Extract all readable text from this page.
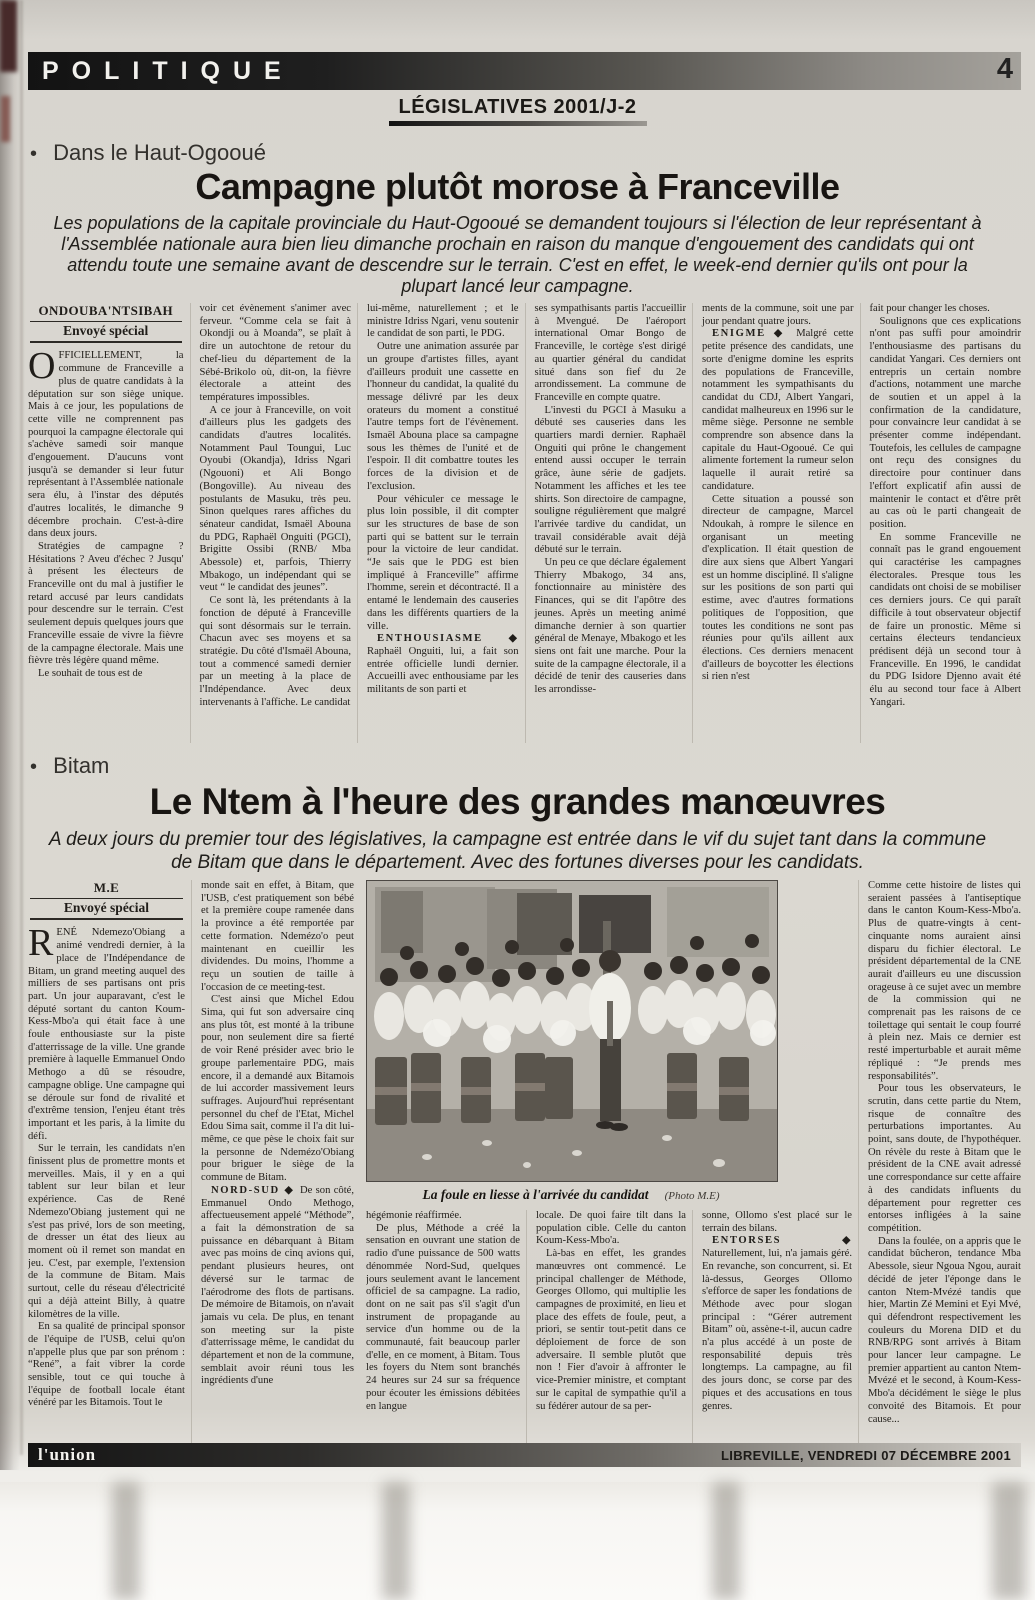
POLITIQUE	4
LÉGISLATIVES 2001/J-2
• Dans le Haut-Ogooué
Campagne plutôt morose à Franceville
Les populations de la capitale provinciale du Haut-Ogooué se demandent toujours si l'élection de leur représentant à l'Assemblée nationale aura bien lieu dimanche prochain en raison du manque d'engouement des candidats qui ont attendu toute une semaine avant de descendre sur le terrain. C'est en effet, le week-end dernier qu'ils ont pour la plupart lancé leur campagne.
ONDOUBA'NTSIBAH
Envoyé spécial

OFFICIELLEMENT, la commune de Franceville a plus de quatre candidats à la députation sur son siège unique. Mais à ce jour, les populations de cette ville ne comprennent pas pourquoi la campagne électorale qui s'achève samedi soir manque d'engouement. D'aucuns vont jusqu'à se demander si leur futur représentant à l'Assemblée nationale sera élu, à l'instar des députés d'autres localités, le dimanche 9 décembre prochain. C'est-à-dire dans deux jours.

Stratégies de campagne ? Hésitations ? Aveu d'échec ? Jusqu' à présent les électeurs de Franceville ont du mal à justifier le retard accusé par leurs candidats pour descendre sur le terrain. C'est seulement depuis quelques jours que Franceville essaie de vivre la fièvre de la campagne électorale. Mais une fièvre très légère quand même.

Le souhait de tous est de

voir cet évènement s'animer avec ferveur. “Comme cela se fait à Okondji ou à Moanda”, se plaît à dire un autochtone de retour du chef-lieu du département de la Sébé-Brikolo où, dit-on, la fièvre électorale a atteint des températures impossibles.

A ce jour à Franceville, on voit d'ailleurs plus les gadgets des candidats d'autres localités. Notamment Paul Toungui, Luc Oyoubi (Okandja), Idriss Ngari (Ngouoni) et Ali Bongo (Bongoville). Au niveau des postulants de Masuku, très peu. Sinon quelques rares affiches du sénateur candidat, Ismaël Abouna du PDG, Raphaël Onguiti (PGCI), Brigitte Ossibi (RNB/ Mba Abessole) et, parfois, Thierry Mbakogo, un indépendant qui se veut “ le candidat des jeunes”.

Ce sont là, les prétendants à la fonction de député à Franceville qui sont désormais sur le terrain. Chacun avec ses moyens et sa stratégie. Du côté d'Ismaël Abouna, tout a commencé samedi dernier par un meeting à la place de l'Indépendance. Avec deux intervenants à l'affiche. Le candidat

lui-même, naturellement ; et le ministre Idriss Ngari, venu soutenir le candidat de son parti, le PDG.

Outre une animation assurée par un groupe d'artistes filles, ayant d'ailleurs produit une cassette en l'honneur du candidat, la qualité du message délivré par les deux orateurs du moment a constitué l'autre temps fort de l'évènement. Ismaël Abouna place sa campagne sous les thèmes de l'unité et de l'espoir. Il dit combattre toutes les forces de la division et de l'exclusion.

Pour véhiculer ce message le plus loin possible, il dit compter sur les structures de base de son parti qui se battent sur le terrain pour la victoire de leur candidat. “Je sais que le PDG est bien impliqué à Franceville” affirme l'homme, serein et décontracté. Il a entamé le lendemain des causeries dans les différents quartiers de la ville.

ENTHOUSIASME ◆ Raphaël Onguiti, lui, a fait son entrée officielle lundi dernier. Accueilli avec enthousiame par les militants de son parti et

ses sympathisants partis l'accueillir à Mvengué. De l'aéroport international Omar Bongo de Franceville, le cortège s'est dirigé au quartier général du candidat situé dans son fief du 2e arrondissement. La commune de Franceville en compte quatre.

L'investi du PGCI à Masuku a débuté ses causeries dans les quartiers mardi dernier. Raphaël Onguiti qui prône le changement entend aussi occuper le terrain grâce, àune série de gadjets. Notamment les affiches et les tee shirts. Son directoire de campagne, souligne régulièrement que malgré l'arrivée tardive du candidat, un travail considérable avait déjà débuté sur le terrain.

Un peu ce que déclare également Thierry Mbakogo, 34 ans, fonctionnaire au ministère des Finances, qui se dit l'apôtre des jeunes. Après un meeting animé dimanche dernier à son quartier général de Menaye, Mbakogo et les siens ont fait une marche. Pour la suite de la campagne électorale, il a décidé de tenir des causeries dans les arrondisse-

ments de la commune, soit une par jour pendant quatre jours.

ENIGME ◆ Malgré cette petite présence des candidats, une sorte d'enigme domine les esprits des populations de Franceville, notamment les sympathisants du candidat du CDJ, Albert Yangari, candidat malheureux en 1996 sur le même siège. Personne ne semble comprendre son absence dans la capitale du Haut-Ogooué. Ce qui alimente fortement la rumeur selon laquelle il aurait retiré sa candidature.

Cette situation a poussé son directeur de campagne, Marcel Ndoukah, à rompre le silence en organisant un meeting d'explication. Il était question de dire aux siens que Albert Yangari est un homme discipliné. Il s'aligne sur les positions de son parti qui estime, avec d'autres formations politiques de l'opposition, que toutes les conditions ne sont pas réunies pour qu'ils aillent aux élections. Ces derniers menacent d'ailleurs de boycotter les élections si rien n'est

fait pour changer les choses.

Soulignons que ces explications n'ont pas suffi pour amoindrir l'enthousiasme des partisans du candidat Yangari. Ces derniers ont entrepris un certain nombre d'actions, notamment une marche de soutien et un appel à la confirmation de la candidature, pour convaincre leur candidat à se présenter comme indépendant. Toutefois, les cellules de campagne ont reçu des consignes du directoire pour continuer dans l'effort explicatif afin aussi de maintenir le contact et d'être prêt au cas où le parti changeait de position.

En somme Franceville ne connaît pas le grand engouement qui caractérise les campagnes électorales. Presque tous les candidats ont choisi de se mobiliser ces derniers jours. Ce qui paraît difficile à tout observateur objectif de faire un pronostic. Même si certains électeurs tendancieux prédisent déjà un second tour à Franceville. En 1996, le candidat du PDG Isidore Djenno avait été élu au second tour face à Albert Yangari.

• Bitam
Le Ntem à l'heure des grandes manœuvres
A deux jours du premier tour des législatives, la campagne est entrée dans le vif du sujet tant dans la commune de Bitam que dans le département. Avec des fortunes diverses pour les candidats.
M.E
Envoyé spécial

RENÉ Ndemezo'Obiang a animé vendredi dernier, à la place de l'Indépendance de Bitam, un grand meeting auquel des milliers de ses partisans ont pris part. Un jour auparavant, c'est le député sortant du canton Koum-Kess-Mbo'a qui était face à une foule enthousiaste sur la piste d'atterrissage de la ville. Une grande première à laquelle Emmanuel Ondo Methogo a dû se résoudre, campagne oblige. Une campagne qui se déroule sur fond de rivalité et d'extrême tension, l'enjeu étant très important et les paris, à la limite du défi.

Sur le terrain, les candidats n'en finissent plus de promettre monts et merveilles. Mais, il y en a qui tablent sur leur bilan et leur expérience. Cas de René Ndemezo'Obiang justement qui ne s'est pas privé, lors de son meeting, de dresser un état des lieux au moment où il remet son mandat en jeu. C'est, par exemple, l'extension de la commune de Bitam. Mais surtout, celle du réseau d'électricité qui a déjà atteint Billy, à quatre kilomètres de la ville.

En sa qualité de principal sponsor de l'équipe de l'USB, celui qu'on n'appelle plus que par son prénom : “René”, a fait vibrer la corde sensible, tout ce qui touche à l'équipe de football locale étant vénéré par les Bitamois. Tout le

monde sait en effet, à Bitam, que l'USB, c'est pratiquement son bébé et la première coupe ramenée dans la province a été remportée par cette formation. Ndemézo'o peut maintenant en cueillir les dividendes. Du moins, l'homme a reçu un soutien de taille à l'occasion de ce meeting-test.

C'est ainsi que Michel Edou Sima, qui fut son adversaire cinq ans plus tôt, est monté à la tribune pour, non seulement dire sa fierté de voir René présider avec brio le groupe parlementaire PDG, mais encore, il a demandé aux Bitamois de lui accorder massivement leurs suffrages. Aujourd'hui représentant personnel du chef de l'Etat, Michel Edou Sima sait, comme il l'a dit lui-même, ce que pèse le choix fait sur la personne de Ndemézo'Obiang pour briguer le siège de la commune de Bitam.

NORD-SUD ◆ De son côté, Emmanuel Ondo Methogo, affectueusement appelé “Méthode”, a fait la démonstration de sa puissance en débarquant à Bitam avec pas moins de cinq avions qui, pendant plusieurs heures, ont déversé sur le tarmac de l'aérodrome des flots de partisans. De mémoire de Bitamois, on n'avait jamais vu cela. De plus, en tenant son meeting sur la piste d'atterrissage même, le candidat du département et non de la commune, semblait avoir réuni tous les ingrédients d'une

La foule en liesse à l'arrivée du candidat (Photo M.E)

hégémonie réaffirmée.

De plus, Méthode a créé la sensation en ouvrant une station de radio d'une puissance de 500 watts dénommée Nord-Sud, quelques jours seulement avant le lancement officiel de sa campagne. La radio, dont on ne sait pas s'il s'agit d'un instrument de propagande au service d'un homme ou de la communauté, fait beaucoup parler d'elle, en ce moment, à Bitam. Tous les foyers du Ntem sont branchés 24 heures sur 24 sur sa fréquence pour écouter les émissions débitées en langue

locale. De quoi faire tilt dans la population cible. Celle du canton Koum-Kess-Mbo'a.

Là-bas en effet, les grandes manœuvres ont commencé. Le principal challenger de Méthode, Georges Ollomo, qui multiplie les campagnes de proximité, en lieu et place des effets de foule, peut, a priori, se sentir tout-petit dans ce déploiement de force de son adversaire. Il semble plutôt que non ! Fier d'avoir à affronter le vice-Premier ministre, et comptant sur le capital de sympathie qu'il a su fédérer autour de sa per-

sonne, Ollomo s'est placé sur le terrain des bilans.

ENTORSES ◆ Naturellement, lui, n'a jamais géré. En revanche, son concurrent, si. Et là-dessus, Georges Ollomo s'efforce de saper les fondations de Méthode avec pour slogan principal : “Gérer autrement Bitam” où, assène-t-il, aucun cadre n'a plus accédé à un poste de responsabilité depuis très longtemps. La campagne, au fil des jours donc, se corse par des piques et des accusations en tous genres.

Comme cette histoire de listes qui seraient passées à l'antiseptique dans le canton Koum-Kess-Mbo'a. Plus de quatre-vingts à cent-cinquante noms auraient ainsi disparu du fichier électoral. Le président départemental de la CNE aurait d'ailleurs eu une discussion orageuse à ce sujet avec un membre de la commission qui ne comprenait pas les raisons de ce toilettage qui sentait le coup fourré à plein nez. Mais ce dernier est resté imperturbable et aurait même répliqué : “Je prends mes responsabilités”.

Pour tous les observateurs, le scrutin, dans cette partie du Ntem, risque de connaître des perturbations importantes. Au point, sans doute, de l'hypothéquer. On révèle du reste à Bitam que le président de la CNE avait adressé une correspondance sur cette affaire à des candidats influents du département pour regretter ces entorses infligées à la saine compétition.

Dans la foulée, on a appris que le candidat bûcheron, tendance Mba Abessole, sieur Ngoua Ngou, aurait décidé de jeter l'éponge dans le canton Ntem-Mvézé tandis que hier, Martin Zé Memini et Eyi Mvé, qui défendront respectivement les couleurs du Morena DID et du RNB/RPG sont arrivés à Bitam pour lancer leur campagne. Le premier appartient au canton Ntem-Mvézé et le second, à Koum-Kess-Mbo'a décidément le siège le plus convoité des Bitamois. Et pour cause...

l'union	LIBREVILLE, VENDREDI 07 DÉCEMBRE 2001
